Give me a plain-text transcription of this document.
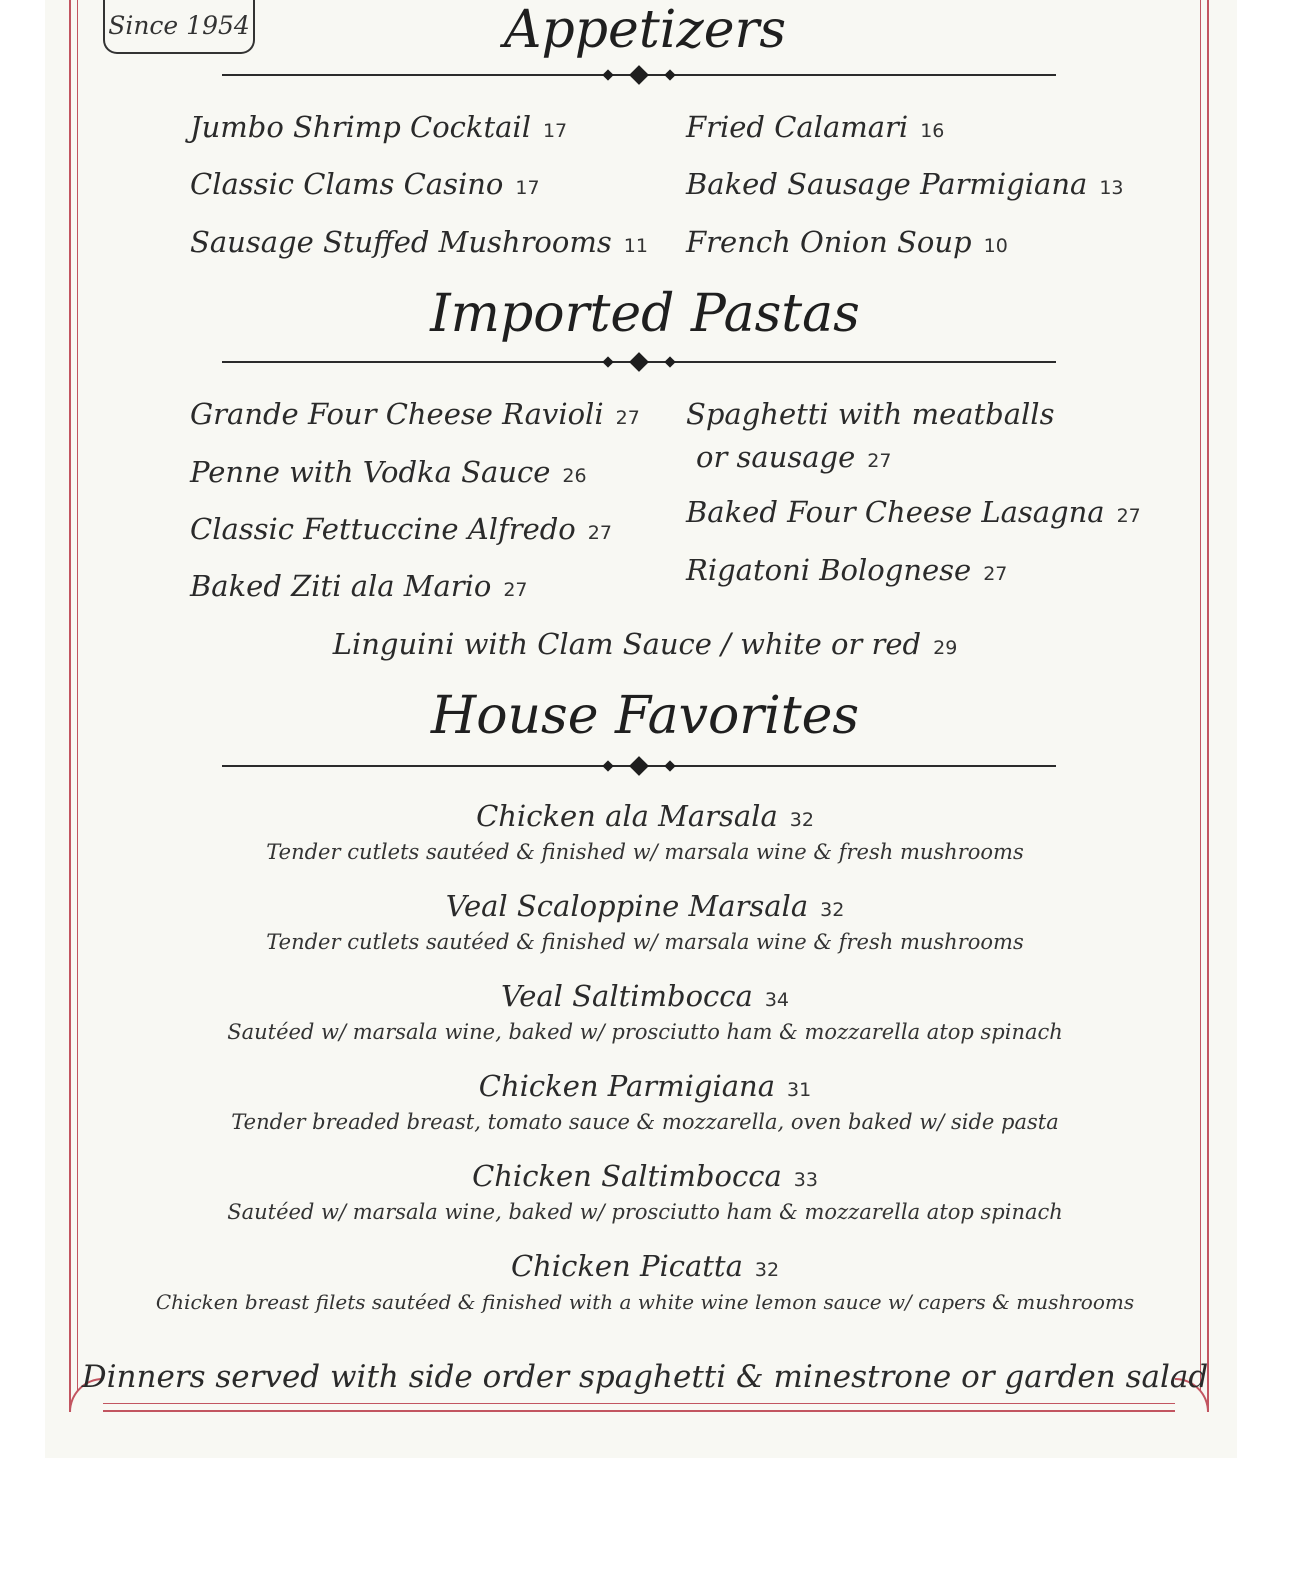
Since 1954	Appetizers
Jumbo Shrimp Cocktail 17
Classic Clams Casino 17
Sausage Stuffed Mushrooms 11
Fried Calamari 16
Baked Sausage Parmigiana 13
French Onion Soup 10
Imported Pastas
Grande Four Cheese Ravioli 27
Penne with Vodka Sauce 26
Classic Fettuccine Alfredo 27
Baked Ziti ala Mario 27
Spaghetti with meatballs
or sausage 27
Baked Four Cheese Lasagna 27
Rigatoni Bolognese 27
Linguini with Clam Sauce / white or red 29
House Favorites
Chicken ala Marsala 32
Tender cutlets sautéed & finished w/ marsala wine & fresh mushrooms
Veal Scaloppine Marsala 32
Tender cutlets sautéed & finished w/ marsala wine & fresh mushrooms
Veal Saltimbocca 34
Sautéed w/ marsala wine, baked w/ prosciutto ham & mozzarella atop spinach
Chicken Parmigiana 31
Tender breaded breast, tomato sauce & mozzarella, oven baked w/ side pasta
Chicken Saltimbocca 33
Sautéed w/ marsala wine, baked w/ prosciutto ham & mozzarella atop spinach
Chicken Picatta 32
Chicken breast filets sautéed & finished with a white wine lemon sauce w/ capers & mushrooms
Dinners served with side order spaghetti & minestrone or garden salad
